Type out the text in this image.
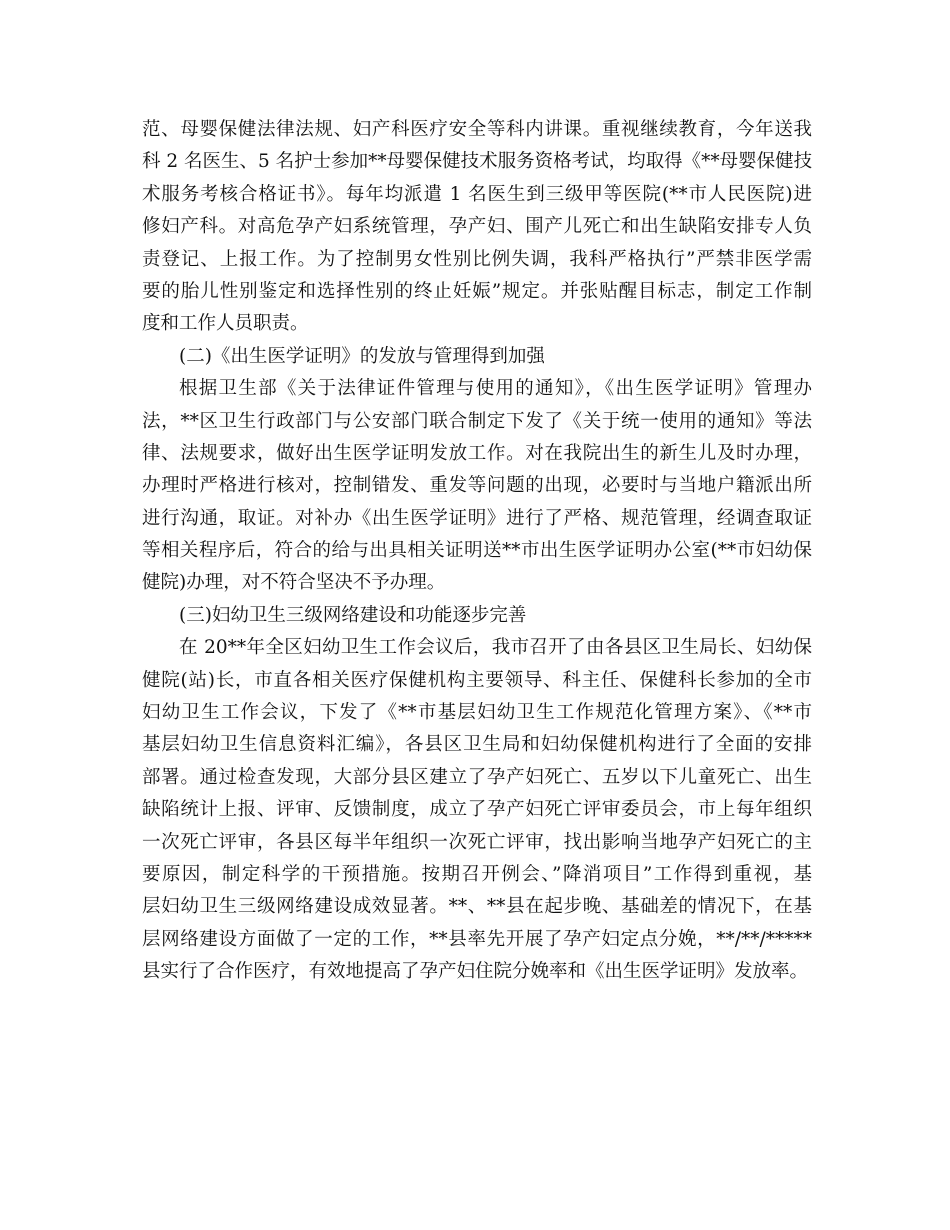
范、母婴保健法律法规、妇产科医疗安全等科内讲课。重视继续教育，今年送我
科 2 名医生、5 名护士参加**母婴保健技术服务资格考试，均取得《**母婴保健技
术服务考核合格证书》。每年均派遣 1 名医生到三级甲等医院(**市人民医院)进
修妇产科。对高危孕产妇系统管理，孕产妇、围产儿死亡和出生缺陷安排专人负
责登记、上报工作。为了控制男女性别比例失调，我科严格执行”严禁非医学需
要的胎儿性别鉴定和选择性别的终止妊娠”规定。并张贴醒目标志，制定工作制
度和工作人员职责。
(二)《出生医学证明》的发放与管理得到加强
根据卫生部《关于法律证件管理与使用的通知》，《出生医学证明》管理办
法，**区卫生行政部门与公安部门联合制定下发了《关于统一使用的通知》等法
律、法规要求，做好出生医学证明发放工作。对在我院出生的新生儿及时办理，
办理时严格进行核对，控制错发、重发等问题的出现，必要时与当地户籍派出所
进行沟通，取证。对补办《出生医学证明》进行了严格、规范管理，经调查取证
等相关程序后，符合的给与出具相关证明送**市出生医学证明办公室(**市妇幼保
健院)办理，对不符合坚决不予办理。
(三)妇幼卫生三级网络建设和功能逐步完善
在 20**年全区妇幼卫生工作会议后，我市召开了由各县区卫生局长、妇幼保
健院(站)长，市直各相关医疗保健机构主要领导、科主任、保健科长参加的全市
妇幼卫生工作会议，下发了《**市基层妇幼卫生工作规范化管理方案》、《**市
基层妇幼卫生信息资料汇编》，各县区卫生局和妇幼保健机构进行了全面的安排
部署。通过检查发现，大部分县区建立了孕产妇死亡、五岁以下儿童死亡、出生
缺陷统计上报、评审、反馈制度，成立了孕产妇死亡评审委员会，市上每年组织
一次死亡评审，各县区每半年组织一次死亡评审，找出影响当地孕产妇死亡的主
要原因，制定科学的干预措施。按期召开例会、”降消项目”工作得到重视，基
层妇幼卫生三级网络建设成效显著。**、**县在起步晚、基础差的情况下，在基
层网络建设方面做了一定的工作，**县率先开展了孕产妇定点分娩，**/**/*****
县实行了合作医疗，有效地提高了孕产妇住院分娩率和《出生医学证明》发放率。
